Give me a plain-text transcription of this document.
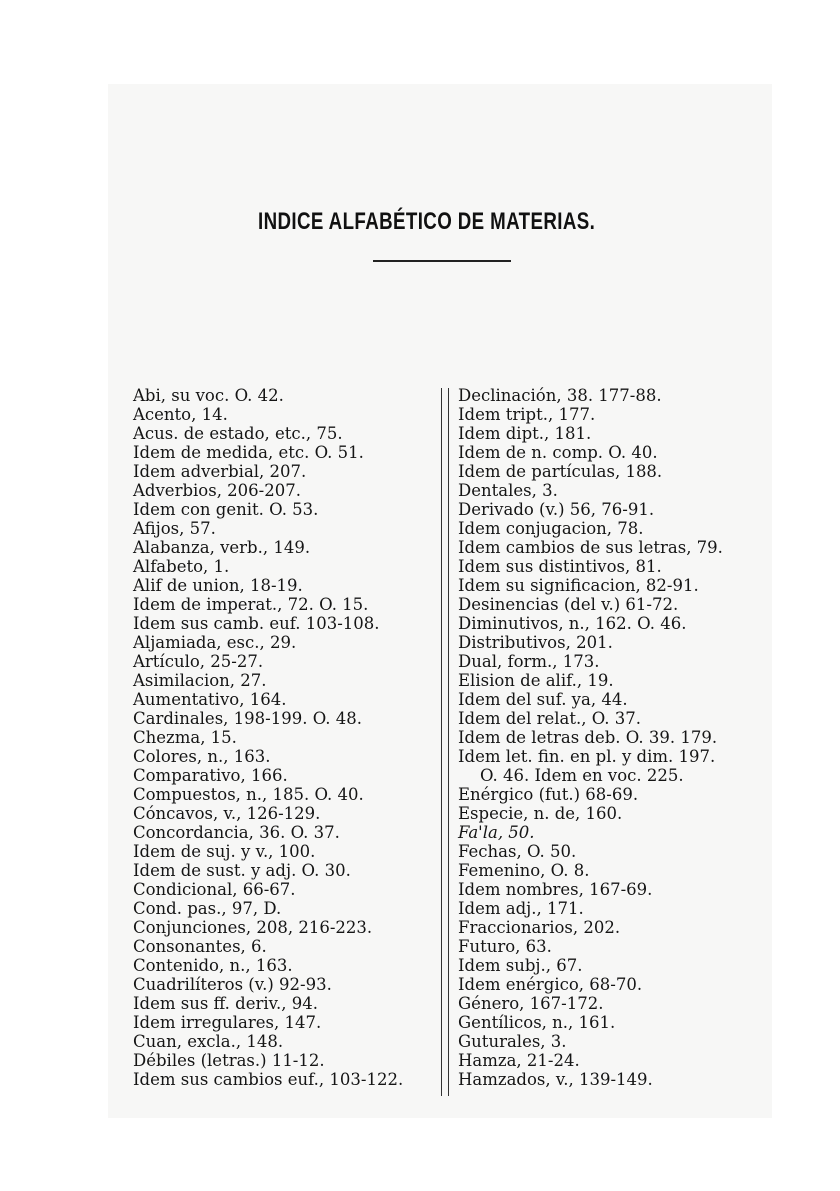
INDICE ALFABÉTICO DE MATERIAS.
Abi, su voc. O. 42.
Acento, 14.
Acus. de estado, etc., 75.
Idem de medida, etc. O. 51.
Idem adverbial, 207.
Adverbios, 206-207.
Idem con genit. O. 53.
Afijos, 57.
Alabanza, verb., 149.
Alfabeto, 1.
Alif de union, 18-19.
Idem de imperat., 72. O. 15.
Idem sus camb. euf. 103-108.
Aljamiada, esc., 29.
Artículo, 25-27.
Asimilacion, 27.
Aumentativo, 164.
Cardinales, 198-199. O. 48.
Chezma, 15.
Colores, n., 163.
Comparativo, 166.
Compuestos, n., 185. O. 40.
Cóncavos, v., 126-129.
Concordancia, 36. O. 37.
Idem de suj. y v., 100.
Idem de sust. y adj. O. 30.
Condicional, 66-67.
Cond. pas., 97, D.
Conjunciones, 208, 216-223.
Consonantes, 6.
Contenido, n., 163.
Cuadrilíteros (v.) 92-93.
Idem sus ff. deriv., 94.
Idem irregulares, 147.
Cuan, excla., 148.
Débiles (letras.) 11-12.
Idem sus cambios euf., 103-122.
Declinación, 38. 177-88.
Idem tript., 177.
Idem dipt., 181.
Idem de n. comp. O. 40.
Idem de partículas, 188.
Dentales, 3.
Derivado (v.) 56, 76-91.
Idem conjugacion, 78.
Idem cambios de sus letras, 79.
Idem sus distintivos, 81.
Idem su significacion, 82-91.
Desinencias (del v.) 61-72.
Diminutivos, n., 162. O. 46.
Distributivos, 201.
Dual, form., 173.
Elision de alif., 19.
Idem del suf. ya, 44.
Idem del relat., O. 37.
Idem de letras deb. O. 39. 179.
Idem let. fin. en pl. y dim. 197.
O. 46. Idem en voc. 225.
Enérgico (fut.) 68-69.
Especie, n. de, 160.
Fa'la, 50.
Fechas, O. 50.
Femenino, O. 8.
Idem nombres, 167-69.
Idem adj., 171.
Fraccionarios, 202.
Futuro, 63.
Idem subj., 67.
Idem enérgico, 68-70.
Género, 167-172.
Gentílicos, n., 161.
Guturales, 3.
Hamza, 21-24.
Hamzados, v., 139-149.
